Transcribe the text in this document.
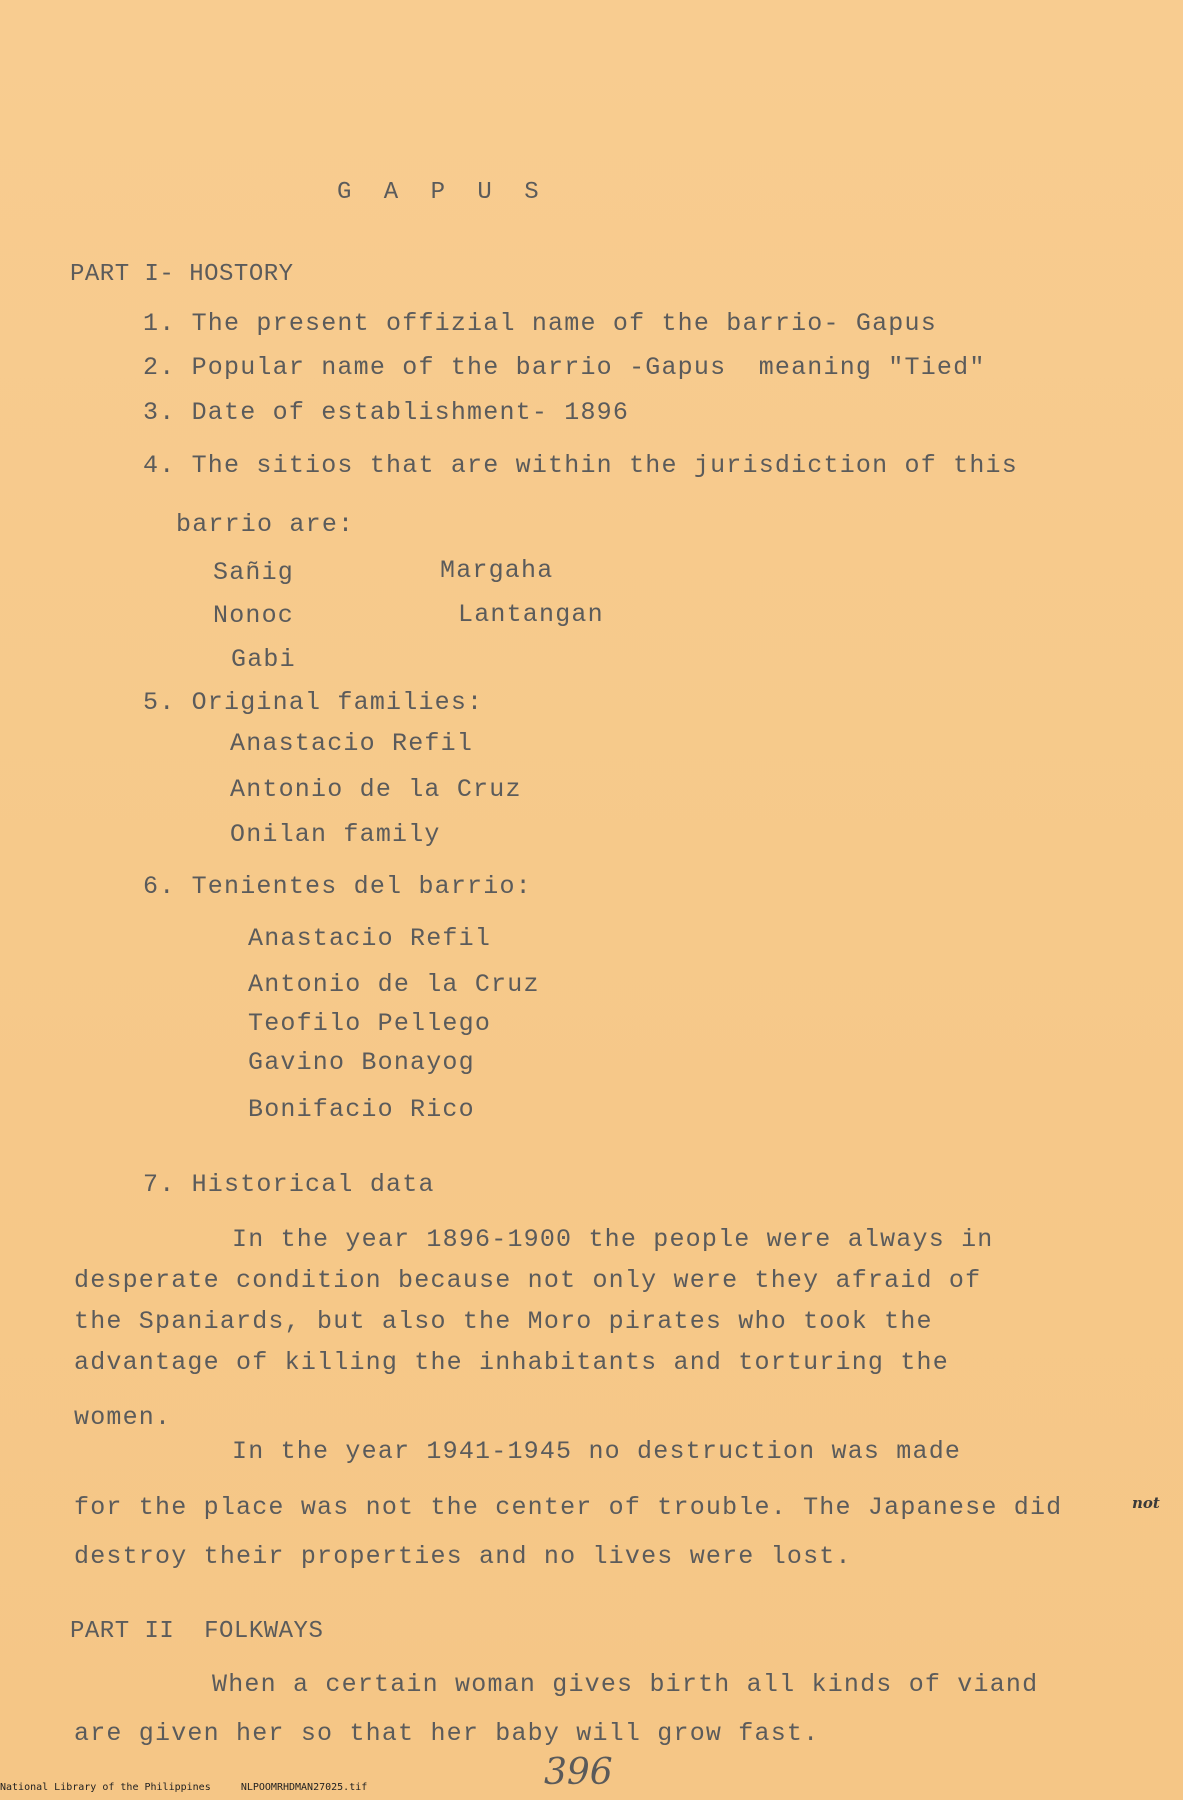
G A P U S
PART I- HOSTORY
1. The present offizial name of the barrio- Gapus
2. Popular name of the barrio -Gapus  meaning "Tied"
3. Date of establishment- 1896
4. The sitios that are within the jurisdiction of this
barrio are:
Sañig	Margaha
Nonoc	Lantangan
Gabi
5. Original families:
Anastacio Refil
Antonio de la Cruz
Onilan family
6. Tenientes del barrio:
Anastacio Refil
Antonio de la Cruz
Teofilo Pellego
Gavino Bonayog
Bonifacio Rico
7. Historical data
In the year 1896-1900 the people were always in
desperate condition because not only were they afraid of
the Spaniards, but also the Moro pirates who took the
advantage of killing the inhabitants and torturing the
women.
In the year 1941-1945 no destruction was made
for the place was not the center of trouble. The Japanese did	not
destroy their properties and no lives were lost.
PART II  FOLKWAYS
When a certain woman gives birth all kinds of viand
are given her so that her baby will grow fast.
396
National Library of the Philippines     NLPOOMRHDMAN27025.tif
